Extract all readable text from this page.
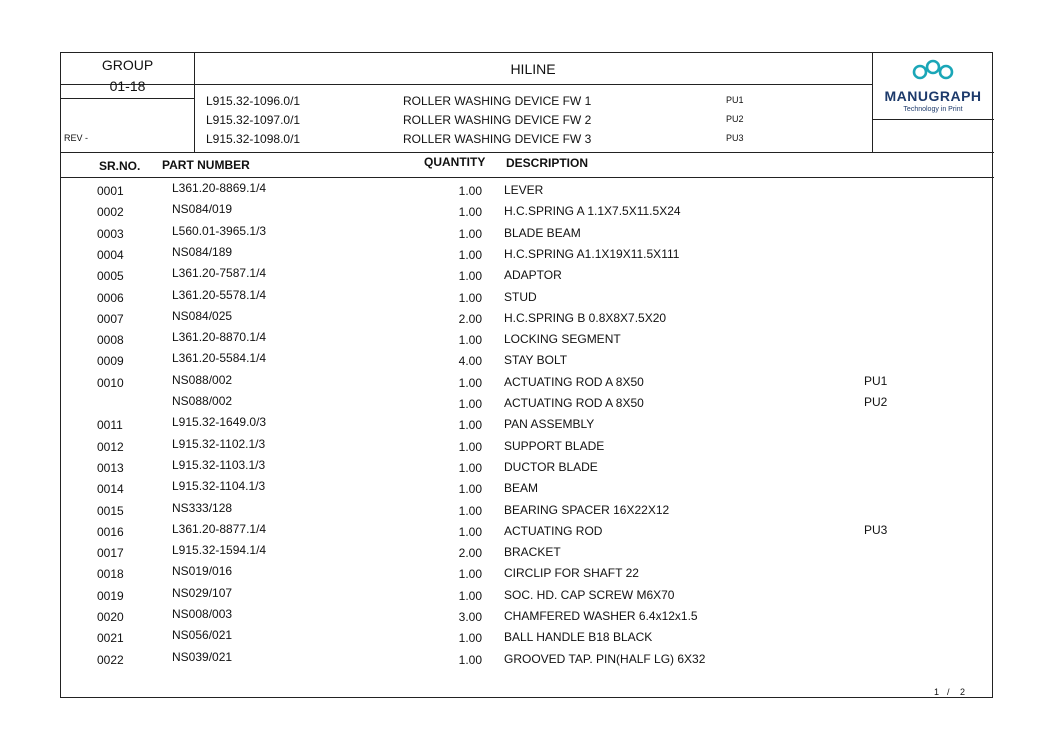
GROUP
01-18
HILINE
REV -
L915.32-1096.0/1	ROLLER WASHING DEVICE FW 1	PU1
L915.32-1097.0/1	ROLLER WASHING DEVICE FW 2	PU2
L915.32-1098.0/1	ROLLER WASHING DEVICE FW 3	PU3
MANUGRAPH
Technology in Print
SR.NO. PART NUMBER	QUANTITY DESCRIPTION
0001	L361.20-8869.1/4	1.00 LEVER
0002	NS084/019	1.00 H.C.SPRING A 1.1X7.5X11.5X24
0003	L560.01-3965.1/3	1.00 BLADE BEAM
0004	NS084/189	1.00 H.C.SPRING A1.1X19X11.5X111
0005	L361.20-7587.1/4	1.00 ADAPTOR
0006	L361.20-5578.1/4	1.00 STUD
0007	NS084/025	2.00 H.C.SPRING B 0.8X8X7.5X20
0008	L361.20-8870.1/4	1.00 LOCKING SEGMENT
0009	L361.20-5584.1/4	4.00 STAY BOLT
0010	NS088/002	1.00 ACTUATING ROD A 8X50	PU1
NS088/002	1.00 ACTUATING ROD A 8X50	PU2
0011	L915.32-1649.0/3	1.00 PAN ASSEMBLY
0012	L915.32-1102.1/3	1.00 SUPPORT BLADE
0013	L915.32-1103.1/3	1.00 DUCTOR BLADE
0014	L915.32-1104.1/3	1.00 BEAM
0015	NS333/128	1.00 BEARING SPACER 16X22X12
0016	L361.20-8877.1/4	1.00 ACTUATING ROD	PU3
0017	L915.32-1594.1/4	2.00 BRACKET
0018	NS019/016	1.00 CIRCLIP FOR SHAFT 22
0019	NS029/107	1.00 SOC. HD. CAP SCREW M6X70
0020	NS008/003	3.00 CHAMFERED WASHER 6.4x12x1.5
0021	NS056/021	1.00 BALL HANDLE B18 BLACK
0022	NS039/021	1.00 GROOVED TAP. PIN(HALF LG) 6X32
1 / 2
